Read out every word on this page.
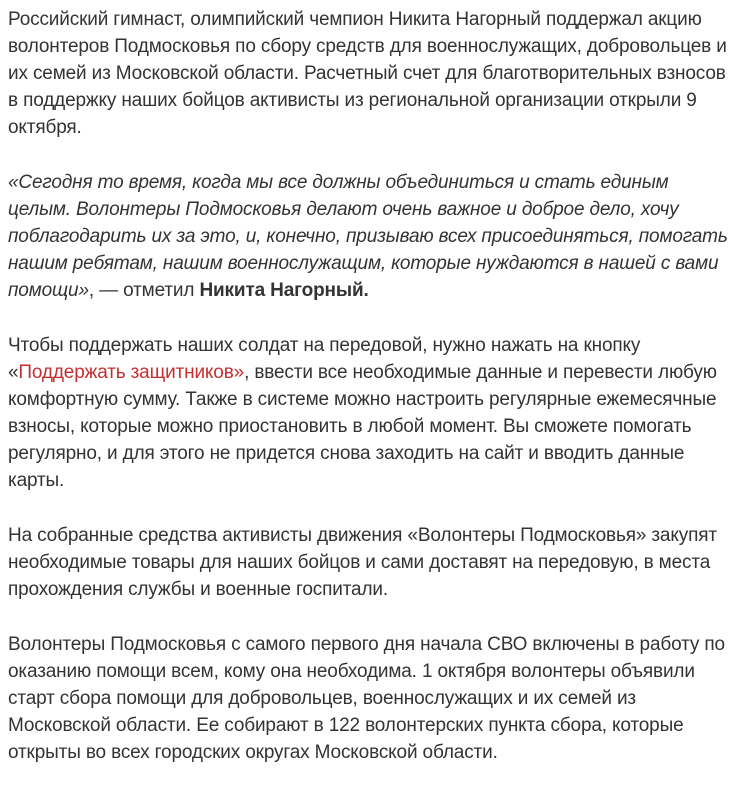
Российский гимнаст, олимпийский чемпион Никита Нагорный поддержал акцию волонтеров Подмосковья по сбору средств для военнослужащих, добровольцев и их семей из Московской области. Расчетный счет для благотворительных взносов в поддержку наших бойцов активисты из региональной организации открыли 9 октября.

«Сегодня то время, когда мы все должны объединиться и стать единым целым. Волонтеры Подмосковья делают очень важное и доброе дело, хочу поблагодарить их за это, и, конечно, призываю всех присоединяться, помогать нашим ребятам, нашим военнослужащим, которые нуждаются в нашей с вами помощи», — отметил Никита Нагорный.

Чтобы поддержать наших солдат на передовой, нужно нажать на кнопку «Поддержать защитников», ввести все необходимые данные и перевести любую комфортную сумму. Также в системе можно настроить регулярные ежемесячные взносы, которые можно приостановить в любой момент. Вы сможете помогать регулярно, и для этого не придется снова заходить на сайт и вводить данные карты.

На собранные средства активисты движения «Волонтеры Подмосковья» закупят необходимые товары для наших бойцов и сами доставят на передовую, в места прохождения службы и военные госпитали.

Волонтеры Подмосковья с самого первого дня начала СВО включены в работу по оказанию помощи всем, кому она необходима. 1 октября волонтеры объявили старт сбора помощи для добровольцев, военнослужащих и их семей из Московской области. Ее собирают в 122 волонтерских пункта сбора, которые открыты во всех городских округах Московской области.
